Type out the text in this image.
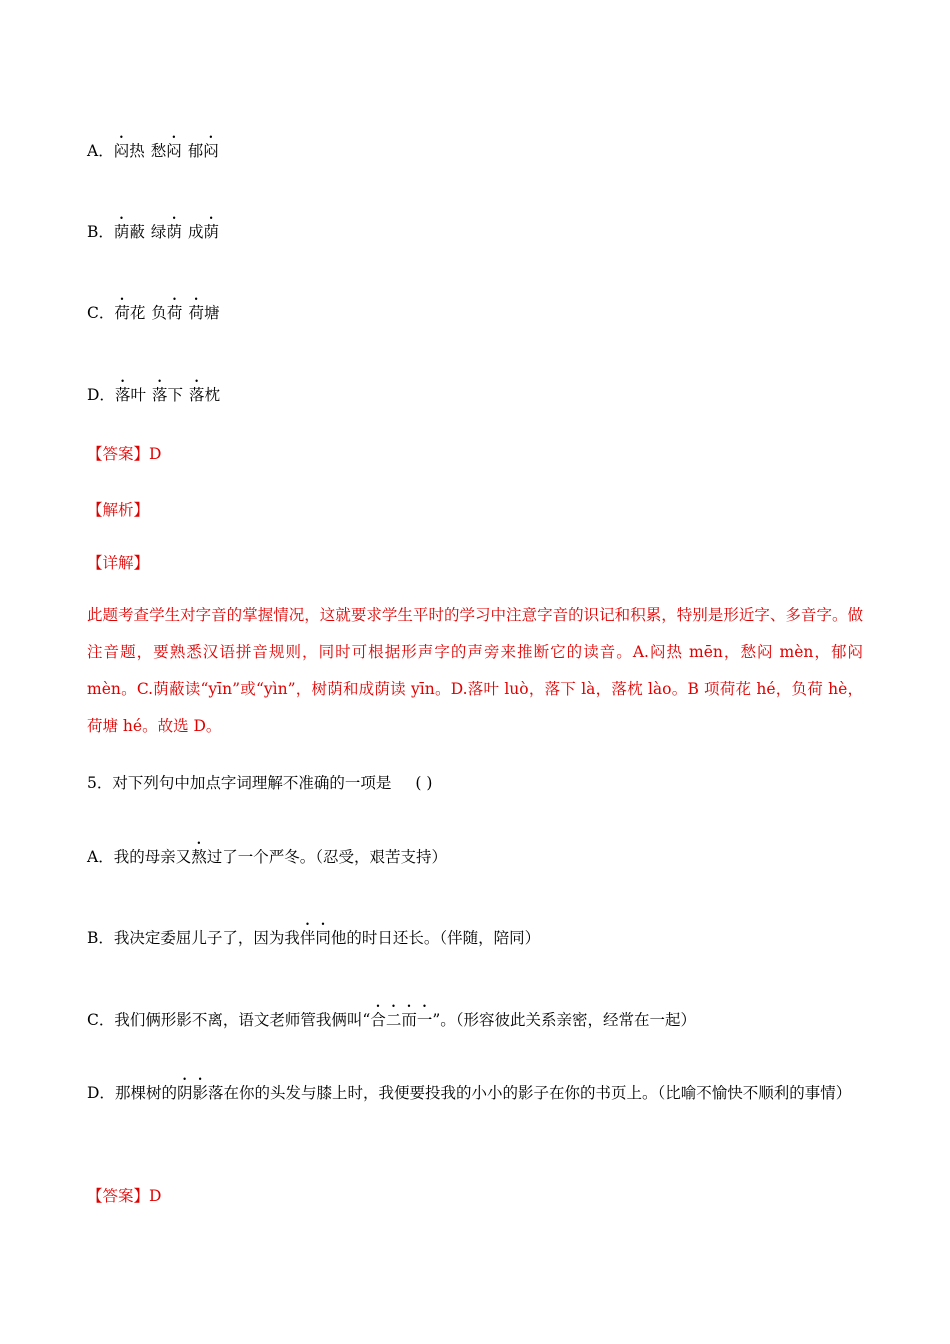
A．闷热 愁闷 郁闷

B．荫蔽 绿荫 成荫

C．荷花 负荷 荷塘

D．落叶 落下 落枕

【答案】D

【解析】

【详解】

此题考查学生对字音的掌握情况，这就要求学生平时的学习中注意字音的识记和积累，特别是形近字、多音字。做注音题，要熟悉汉语拼音规则，同时可根据形声字的声旁来推断它的读音。A.闷热 mēn，愁闷 mèn，郁闷 mèn。C.荫蔽读“yīn”或“yìn”，树荫和成荫读 yīn。D.落叶 luò，落下 là，落枕 lào。B 项荷花 hé，负荷 hè，荷塘 hé。故选 D。

5．对下列句中加点字词理解不准确的一项是 ( )

A．我的母亲又熬过了一个严冬。（忍受，艰苦支持）

B．我决定委屈儿子了，因为我伴同他的时日还长。（伴随，陪同）

C．我们俩形影不离，语文老师管我俩叫“合二而一”。（形容彼此关系亲密，经常在一起）

D．那棵树的阴影落在你的头发与膝上时，我便要投我的小小的影子在你的书页上。（比喻不愉快不顺利的事情）

【答案】D
